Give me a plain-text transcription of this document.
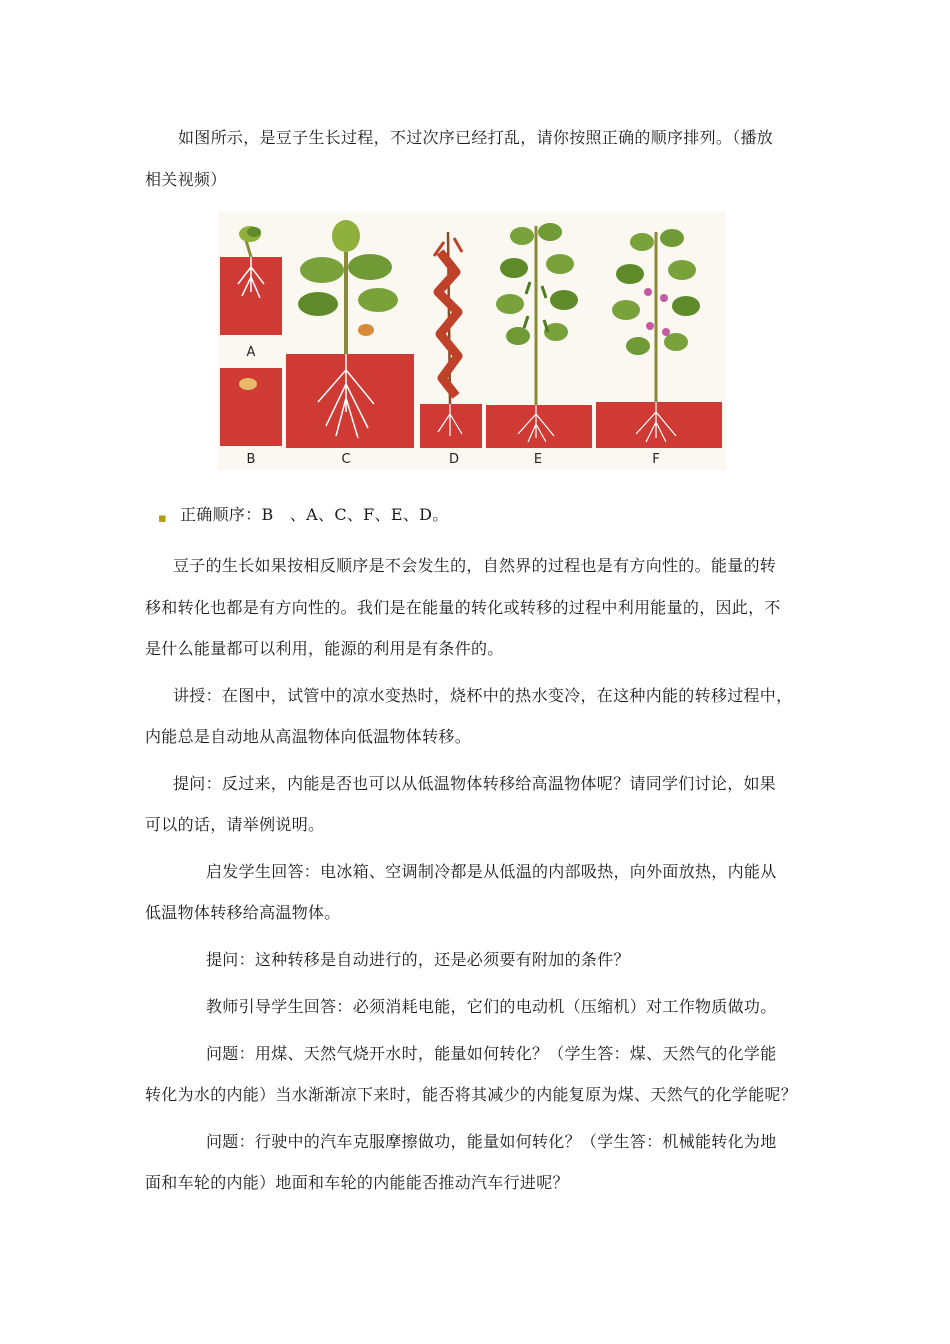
如图所示，是豆子生长过程，不过次序已经打乱，请你按照正确的顺序排列。（播放
相关视频）
A
B	C	D	E	F
▪ 正确顺序：B　、A、C、F、E、D。
豆子的生长如果按相反顺序是不会发生的，自然界的过程也是有方向性的。能量的转
移和转化也都是有方向性的。我们是在能量的转化或转移的过程中利用能量的，因此，不
是什么能量都可以利用，能源的利用是有条件的。
讲授：在图中，试管中的凉水变热时，烧杯中的热水变冷，在这种内能的转移过程中，
内能总是自动地从高温物体向低温物体转移。
提问：反过来，内能是否也可以从低温物体转移给高温物体呢？请同学们讨论，如果
可以的话，请举例说明。
启发学生回答：电冰箱、空调制冷都是从低温的内部吸热，向外面放热，内能从
低温物体转移给高温物体。
提问：这种转移是自动进行的，还是必须要有附加的条件？
教师引导学生回答：必须消耗电能，它们的电动机（压缩机）对工作物质做功。
问题：用煤、天然气烧开水时，能量如何转化？（学生答：煤、天然气的化学能
转化为水的内能）当水渐渐凉下来时，能否将其减少的内能复原为煤、天然气的化学能呢？
问题：行驶中的汽车克服摩擦做功，能量如何转化？（学生答：机械能转化为地
面和车轮的内能）地面和车轮的内能能否推动汽车行进呢？
